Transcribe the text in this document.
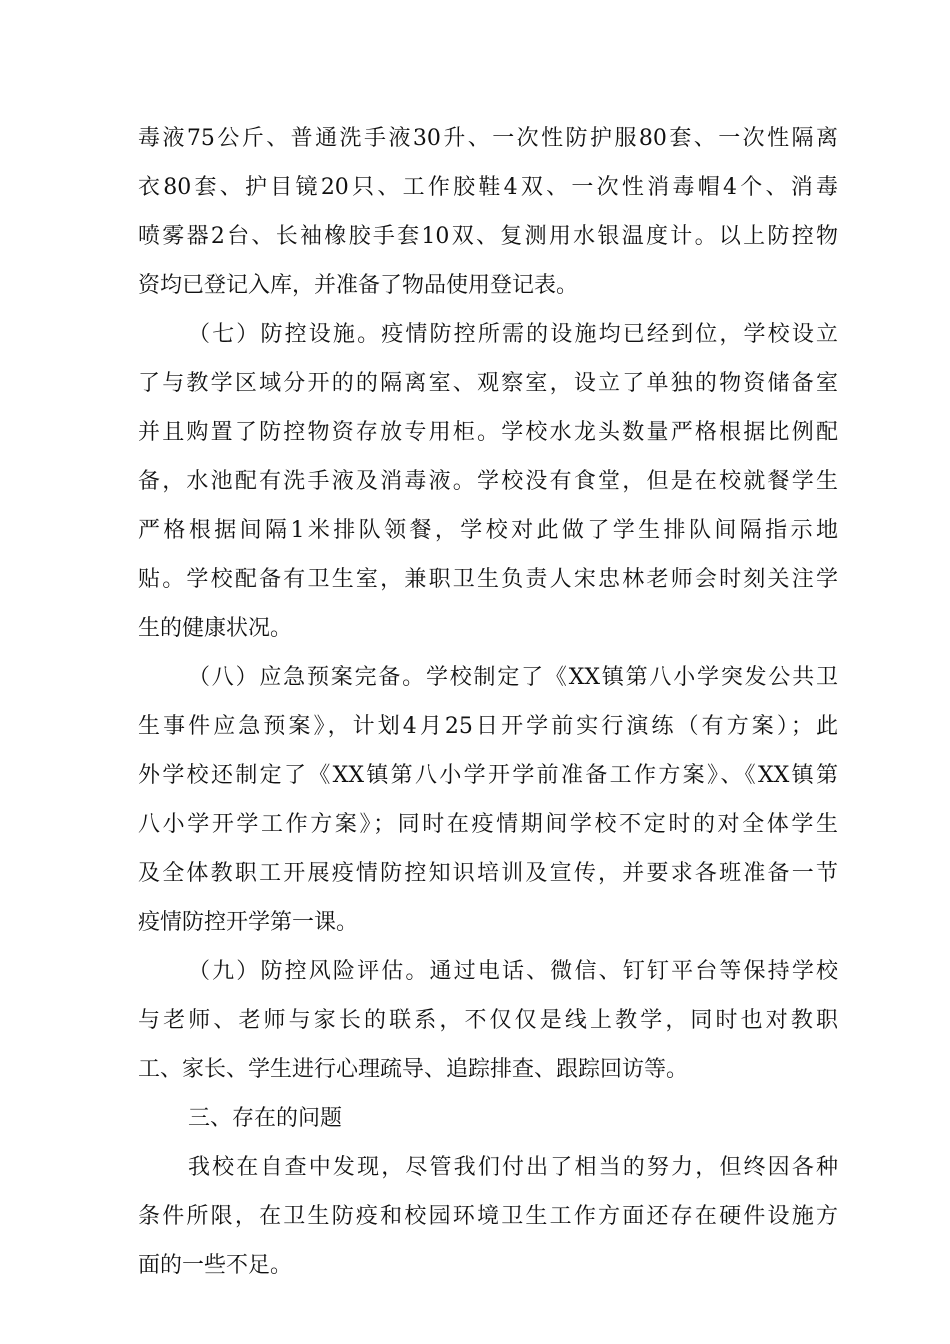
毒液75公斤、普通洗手液30升、一次性防护服80套、一次性隔离
衣80套、护目镜20只、工作胶鞋4双、一次性消毒帽4个、消毒
喷雾器2台、长袖橡胶手套10双、复测用水银温度计。以上防控物
资均已登记入库，并准备了物品使用登记表。
（七）防控设施。疫情防控所需的设施均已经到位，学校设立
了与教学区域分开的的隔离室、观察室，设立了单独的物资储备室
并且购置了防控物资存放专用柜。学校水龙头数量严格根据比例配
备，水池配有洗手液及消毒液。学校没有食堂，但是在校就餐学生
严格根据间隔1米排队领餐，学校对此做了学生排队间隔指示地
贴。学校配备有卫生室，兼职卫生负责人宋忠林老师会时刻关注学
生的健康状况。
（八）应急预案完备。学校制定了《XX镇第八小学突发公共卫
生事件应急预案》，计划4月25日开学前实行演练（有方案）；此
外学校还制定了《XX镇第八小学开学前准备工作方案》、《XX镇第
八小学开学工作方案》；同时在疫情期间学校不定时的对全体学生
及全体教职工开展疫情防控知识培训及宣传，并要求各班准备一节
疫情防控开学第一课。
（九）防控风险评估。通过电话、微信、钉钉平台等保持学校
与老师、老师与家长的联系，不仅仅是线上教学，同时也对教职
工、家长、学生进行心理疏导、追踪排查、跟踪回访等。
三、存在的问题
我校在自查中发现，尽管我们付出了相当的努力，但终因各种
条件所限，在卫生防疫和校园环境卫生工作方面还存在硬件设施方
面的一些不足。
